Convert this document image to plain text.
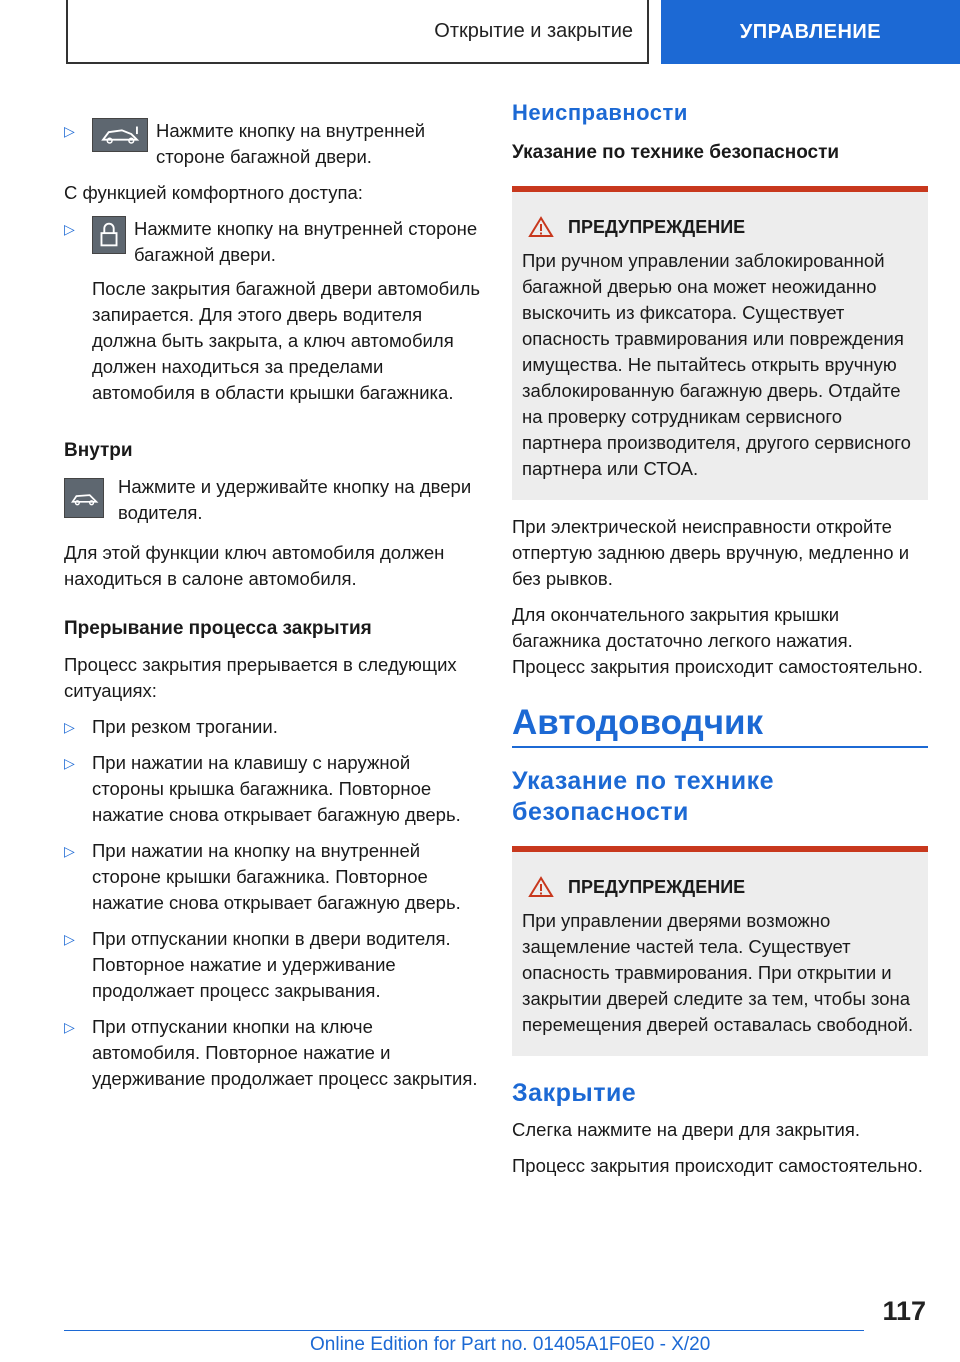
Открытие и закрытие	УПРАВЛЕНИЕ
▷	Нажмите кнопку на внутренней стороне багажной двери.

С функцией комфортного доступа:

▷	Нажмите кнопку на внутренней стороне багажной двери.

После закрытия багажной двери автомобиль запирается. Для этого дверь водителя должна быть закрыта, а ключ автомобиля должен находиться за пределами автомобиля в области крышки багажника.

Внутри
Нажмите и удерживайте кнопку на двери водителя.

Для этой функции ключ автомобиля должен находиться в салоне автомобиля.

Прерывание процесса закрытия

Процесс закрытия прерывается в следующих ситуациях:

▷ При резком трогании.
▷ При нажатии на клавишу с наружной стороны крышка багажника. Повторное нажатие снова открывает багажную дверь.
▷ При нажатии на кнопку на внутренней стороне крышки багажника. Повторное нажатие снова открывает багажную дверь.
▷ При отпускании кнопки в двери водителя. Повторное нажатие и удерживание продолжает процесс закрывания.
▷ При отпускании кнопки на ключе автомобиля. Повторное нажатие и удерживание продолжает процесс закрытия.
Неисправности
Указание по технике безопасности
ПРЕДУПРЕЖДЕНИЕ

При ручном управлении заблокированной багажной дверью она может неожиданно выскочить из фиксатора. Существует опасность травмирования или повреждения имущества. Не пытайтесь открыть вручную заблокированную багажную дверь. Отдайте на проверку сотрудникам сервисного партнера производителя, другого сервисного партнера или СТОА.

При электрической неисправности откройте отпертую заднюю дверь вручную, медленно и без рывков.

Для окончательного закрытия крышки багажника достаточно легкого нажатия. Процесс закрытия происходит самостоятельно.

Автодоводчик
Указание по технике безопасности
ПРЕДУПРЕЖДЕНИЕ

При управлении дверями возможно защемление частей тела. Существует опасность травмирования. При открытии и закрытии дверей следите за тем, чтобы зона перемещения дверей оставалась свободной.

Закрытие

Слегка нажмите на двери для закрытия.

Процесс закрытия происходит самостоятельно.

117
Online Edition for Part no. 01405A1F0E0 - X/20
